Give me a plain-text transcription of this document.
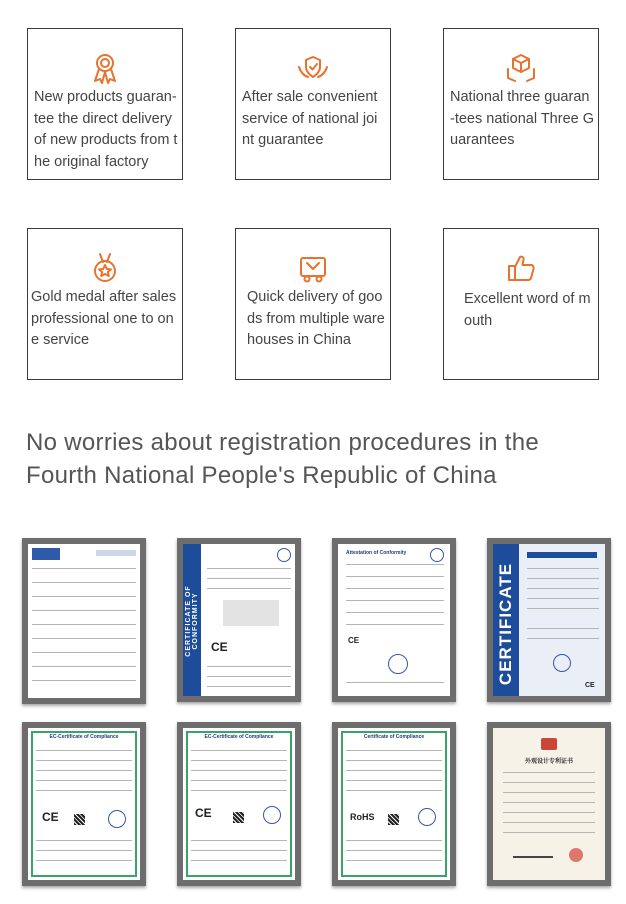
New products guaran-tee the direct delivery of new products from the original factory
After sale convenient service of national joi nt guarantee
National three guaran-tees national Three Guarantees
Gold medal after sales professional one to one service
Quick delivery of goods from multiple warehouses in China
Excellent word of mouth
No worries about registration procedures in the Fourth National People's Republic of China
CERTIFICATE OF CONFORMITY CE
Attestation of Conformity
CE	CERTIFICATE
CE
EC-Certificate of Compliance
CE
EC-Certificate of Compliance
CE
Certificate of Compliance
RoHS
外观设计专利证书
